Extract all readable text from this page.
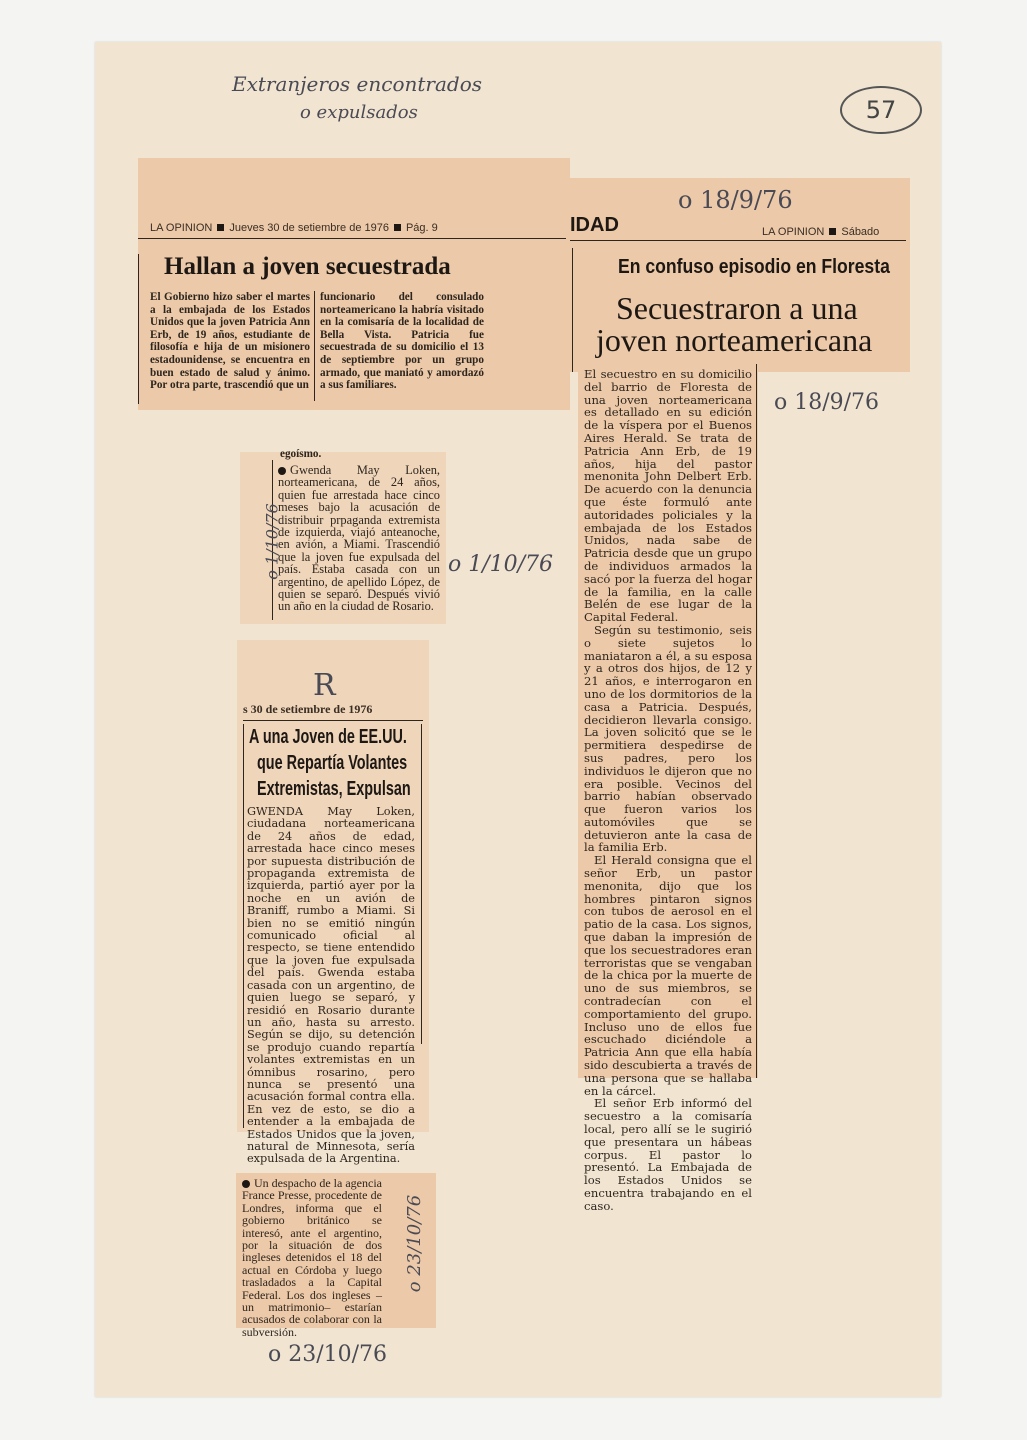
Extranjeros encontrados
o expulsados	57
LA OPINION Jueves 30 de setiembre de 1976 Pág. 9
Hallan a joven secuestrada

El Gobierno hizo saber el martes a la embajada de los Estados Unidos que la joven Patricia Ann Erb, de 19 años, estudiante de filosofía e hija de un misionero estadounidense, se encuentra en buen estado de salud y ánimo. Por otra parte, trascendió que un

funcionario del consulado norteamericano la habría visitado en la comisaría de la localidad de Bella Vista. Patricia fue secuestrada de su domicilio el 13 de septiembre por un grupo armado, que maniató y amordazó a sus familiares.

egoísmo.

Gwenda May Loken, norteamericana, de 24 años, quien fue arrestada hace cinco meses bajo la acusación de distribuir prpaganda extremista de izquierda, viajó anteanoche, en avión, a Miami. Trascendió que la joven fue expulsada del país. Estaba casada con un argentino, de apellido López, de quien se separó. Después vivió un año en la ciudad de Rosario.

o 1/10/76	o 1/10/76
R
s 30 de setiembre de 1976
A una Joven de EE.UU.
que Repartía Volantes
Extremistas, Expulsan

GWENDA May Loken, ciudadana norteamericana de 24 años de edad, arrestada hace cinco meses por supuesta distribución de propaganda extremista de izquierda, partió ayer por la noche en un avión de Braniff, rumbo a Miami. Si bien no se emitió ningún comunicado oficial al respecto, se tiene entendido que la joven fue expulsada del país. Gwenda estaba casada con un argentino, de quien luego se separó, y residió en Rosario durante un año, hasta su arresto. Según se dijo, su detención se produjo cuando repartía volantes extremistas en un ómnibus rosarino, pero nunca se presentó una acusación formal contra ella. En vez de esto, se dio a entender a la embajada de Estados Unidos que la joven, natural de Minnesota, sería expulsada de la Argentina.

Un despacho de la agencia France Presse, procedente de Londres, informa que el gobierno británico se interesó, ante el argentino, por la situación de dos ingleses detenidos el 18 del actual en Córdoba y luego trasladados a la Capital Federal. Los dos ingleses –un matrimonio– estarían acusados de colaborar con la subversión.

o 23/10/76
o 23/10/76
IDAD	LA OPINION Sábado
En confuso episodio en Floresta
Secuestraron a una
joven norteamericana

El secuestro en su domicilio del barrio de Floresta de una joven norteamericana es detallado en su edición de la víspera por el Buenos Aires Herald. Se trata de Patricia Ann Erb, de 19 años, hija del pastor menonita John Delbert Erb. De acuerdo con la denuncia que éste formuló ante autoridades policiales y la embajada de los Estados Unidos, nada sabe de Patricia desde que un grupo de individuos armados la sacó por la fuerza del hogar de la familia, en la calle Belén de ese lugar de la Capital Federal.

Según su testimonio, seis o siete sujetos lo maniataron a él, a su esposa y a otros dos hijos, de 12 y 21 años, e interrogaron en uno de los dormitorios de la casa a Patricia. Después, decidieron llevarla consigo. La joven solicitó que se le permitiera despedirse de sus padres, pero los individuos le dijeron que no era posible. Vecinos del barrio habían observado que fueron varios los automóviles que se detuvieron ante la casa de la familia Erb.

El Herald consigna que el señor Erb, un pastor menonita, dijo que los hombres pintaron signos con tubos de aerosol en el patio de la casa. Los signos, que daban la impresión de que los secuestradores eran terroristas que se vengaban de la chica por la muerte de uno de sus miembros, se contradecían con el comportamiento del grupo. Incluso uno de ellos fue escuchado diciéndole a Patricia Ann que ella había sido descubierta a través de una persona que se hallaba en la cárcel.

El señor Erb informó del secuestro a la comisaría local, pero allí se le sugirió que presentara un hábeas corpus. El pastor lo presentó. La Embajada de los Estados Unidos se encuentra trabajando en el caso.

o 18/9/76
o 18/9/76
